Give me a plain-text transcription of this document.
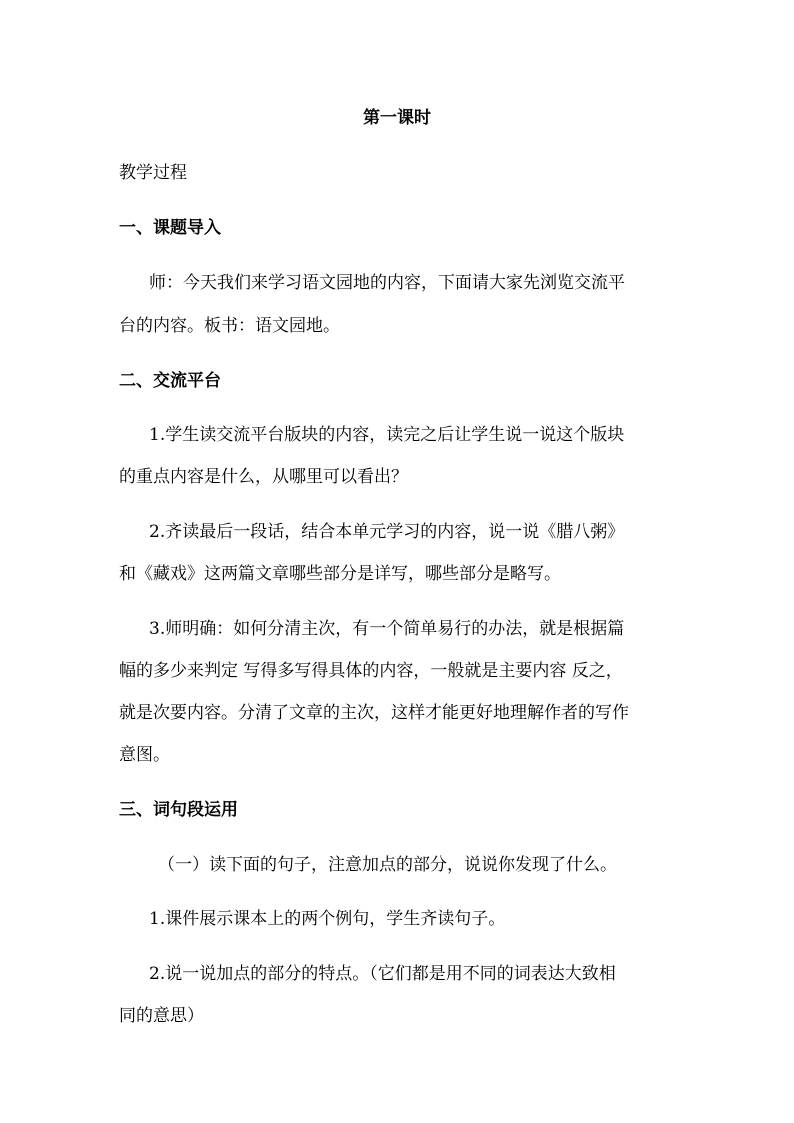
第一课时
教学过程
一、课题导入
师：今天我们来学习语文园地的内容，下面请大家先浏览交流平
台的内容。板书：语文园地。
二、交流平台
1.学生读交流平台版块的内容，读完之后让学生说一说这个版块
的重点内容是什么，从哪里可以看出？
2.齐读最后一段话，结合本单元学习的内容，说一说《腊八粥》
和《藏戏》这两篇文章哪些部分是详写，哪些部分是略写。
3.师明确：如何分清主次，有一个简单易行的办法，就是根据篇
幅的多少来判定 写得多写得具体的内容，一般就是主要内容 反之，
就是次要内容。分清了文章的主次，这样才能更好地理解作者的写作
意图。
三、词句段运用
（一）读下面的句子，注意加点的部分，说说你发现了什么。
1.课件展示课本上的两个例句，学生齐读句子。
2.说一说加点的部分的特点。（它们都是用不同的词表达大致相
同的意思）
